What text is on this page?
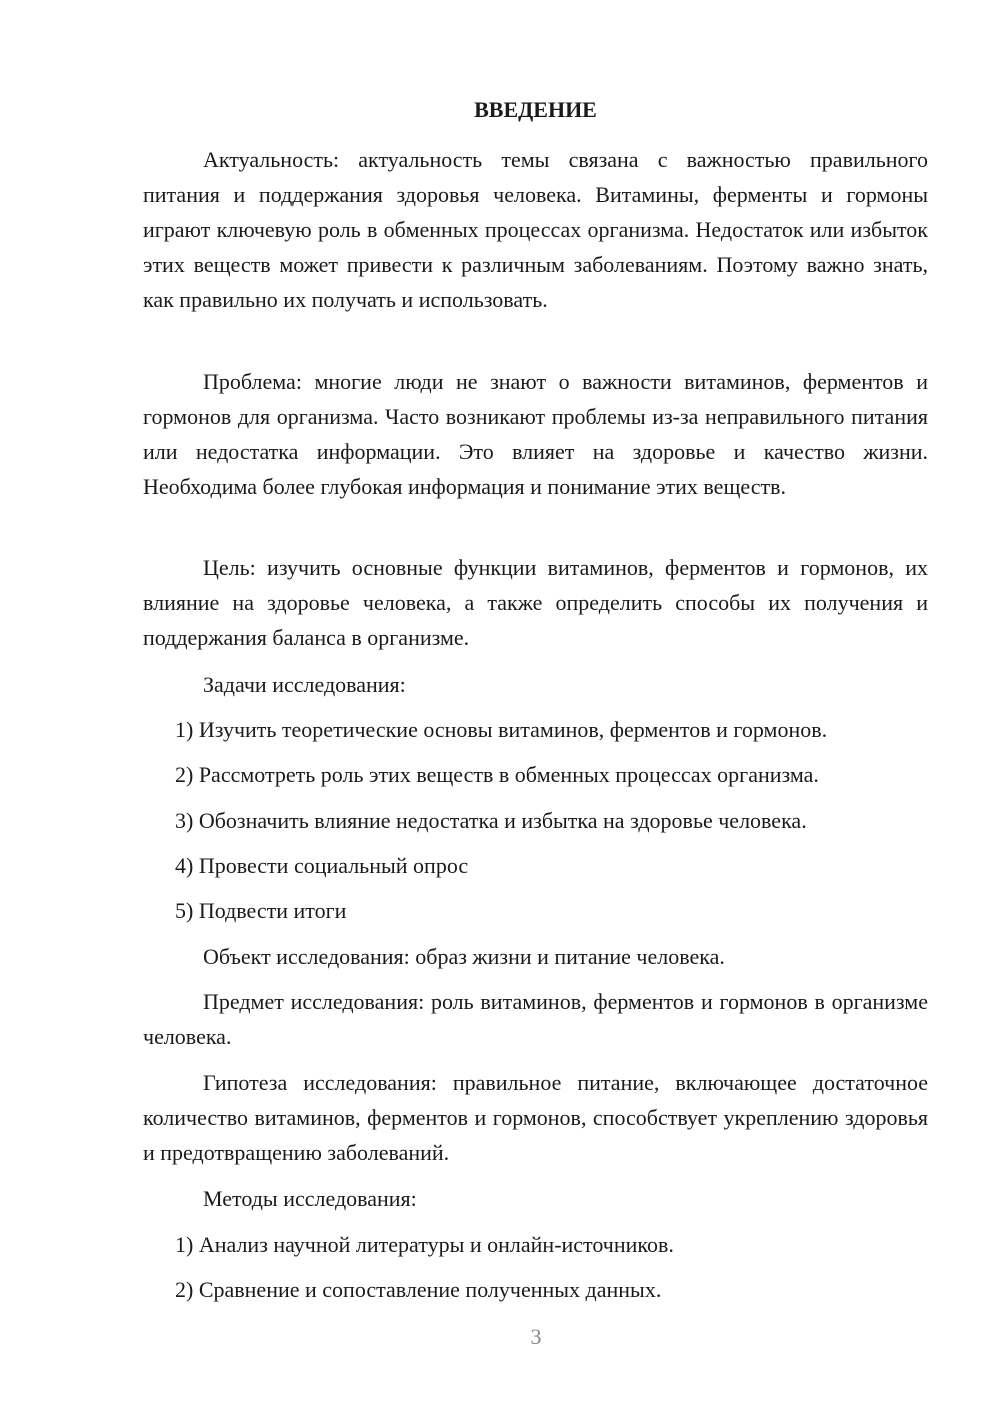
ВВЕДЕНИЕ

Актуальность: актуальность темы связана с важностью правильного питания и поддержания здоровья человека. Витамины, ферменты и гормоны играют ключевую роль в обменных процессах организма. Недостаток или избыток этих веществ может привести к различным заболеваниям. Поэтому важно знать, как правильно их получать и использовать.

Проблема: многие люди не знают о важности витаминов, ферментов и гормонов для организма. Часто возникают проблемы из-за неправильного питания или недостатка информации. Это влияет на здоровье и качество жизни. Необходима более глубокая информация и понимание этих веществ.

Цель: изучить основные функции витаминов, ферментов и гормонов, их влияние на здоровье человека, а также определить способы их получения и поддержания баланса в организме.

Задачи исследования:
1) Изучить теоретические основы витаминов, ферментов и гормонов.
2) Рассмотреть роль этих веществ в обменных процессах организма.
3) Обозначить влияние недостатка и избытка на здоровье человека.
4) Провести социальный опрос
5) Подвести итоги
Объект исследования: образ жизни и питание человека.

Предмет исследования: роль витаминов, ферментов и гормонов в организме человека.

Гипотеза исследования: правильное питание, включающее достаточное количество витаминов, ферментов и гормонов, способствует укреплению здоровья и предотвращению заболеваний.

Методы исследования:
1) Анализ научной литературы и онлайн-источников.
2) Сравнение и сопоставление полученных данных.
3
